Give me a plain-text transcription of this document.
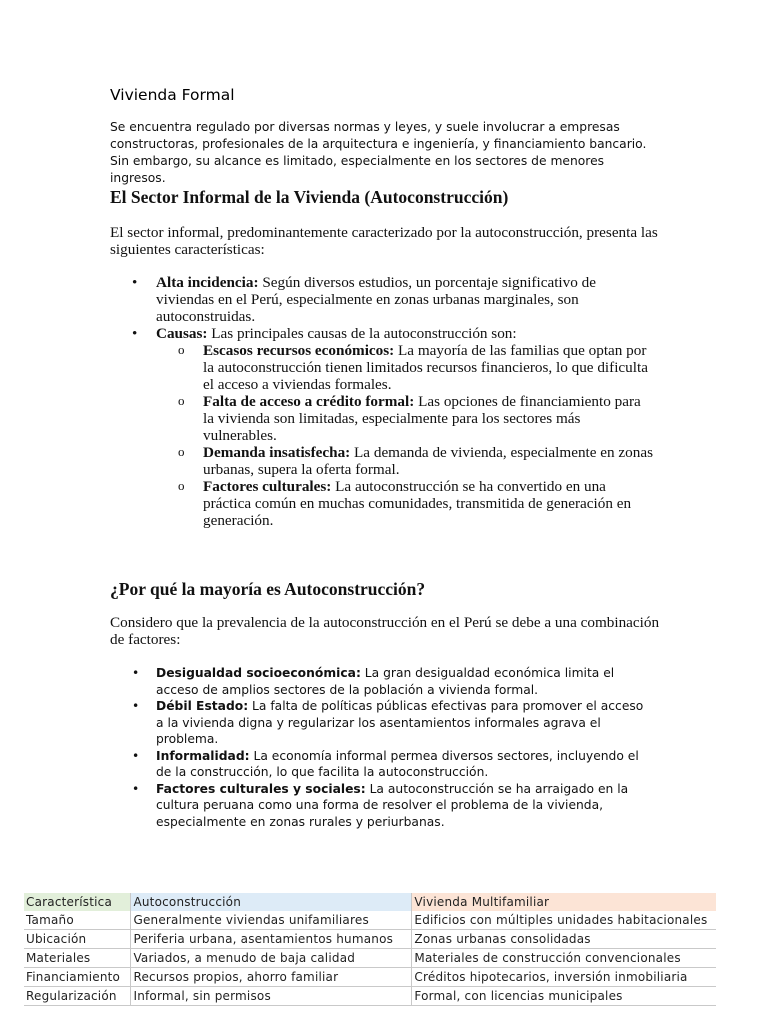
Vivienda Formal

Se encuentra regulado por diversas normas y leyes, y suele involucrar a empresas constructoras, profesionales de la arquitectura e ingeniería, y financiamiento bancario. Sin embargo, su alcance es limitado, especialmente en los sectores de menores ingresos.

El Sector Informal de la Vivienda (Autoconstrucción)

El sector informal, predominantemente caracterizado por la autoconstrucción, presenta las siguientes características:

• Alta incidencia: Según diversos estudios, un porcentaje significativo de viviendas en el Perú, especialmente en zonas urbanas marginales, son autoconstruidas.
• Causas: Las principales causas de la autoconstrucción son:
o Escasos recursos económicos: La mayoría de las familias que optan por la autoconstrucción tienen limitados recursos financieros, lo que dificulta el acceso a viviendas formales.
o Falta de acceso a crédito formal: Las opciones de financiamiento para la vivienda son limitadas, especialmente para los sectores más vulnerables.
o Demanda insatisfecha: La demanda de vivienda, especialmente en zonas urbanas, supera la oferta formal.
o Factores culturales: La autoconstrucción se ha convertido en una práctica común en muchas comunidades, transmitida de generación en generación.
¿Por qué la mayoría es Autoconstrucción?

Considero que la prevalencia de la autoconstrucción en el Perú se debe a una combinación de factores:

• Desigualdad socioeconómica: La gran desigualdad económica limita el acceso de amplios sectores de la población a vivienda formal.
• Débil Estado: La falta de políticas públicas efectivas para promover el acceso a la vivienda digna y regularizar los asentamientos informales agrava el problema.
• Informalidad: La economía informal permea diversos sectores, incluyendo el de la construcción, lo que facilita la autoconstrucción.
• Factores culturales y sociales: La autoconstrucción se ha arraigado en la cultura peruana como una forma de resolver el problema de la vivienda, especialmente en zonas rurales y periurbanas.
Característica	Autoconstrucción	Vivienda Multifamiliar
Tamaño	Generalmente viviendas unifamiliares	Edificios con múltiples unidades habitacionales
Ubicación	Periferia urbana, asentamientos humanos	Zonas urbanas consolidadas
Materiales	Variados, a menudo de baja calidad	Materiales de construcción convencionales
Financiamiento	Recursos propios, ahorro familiar	Créditos hipotecarios, inversión inmobiliaria
Regularización	Informal, sin permisos	Formal, con licencias municipales
